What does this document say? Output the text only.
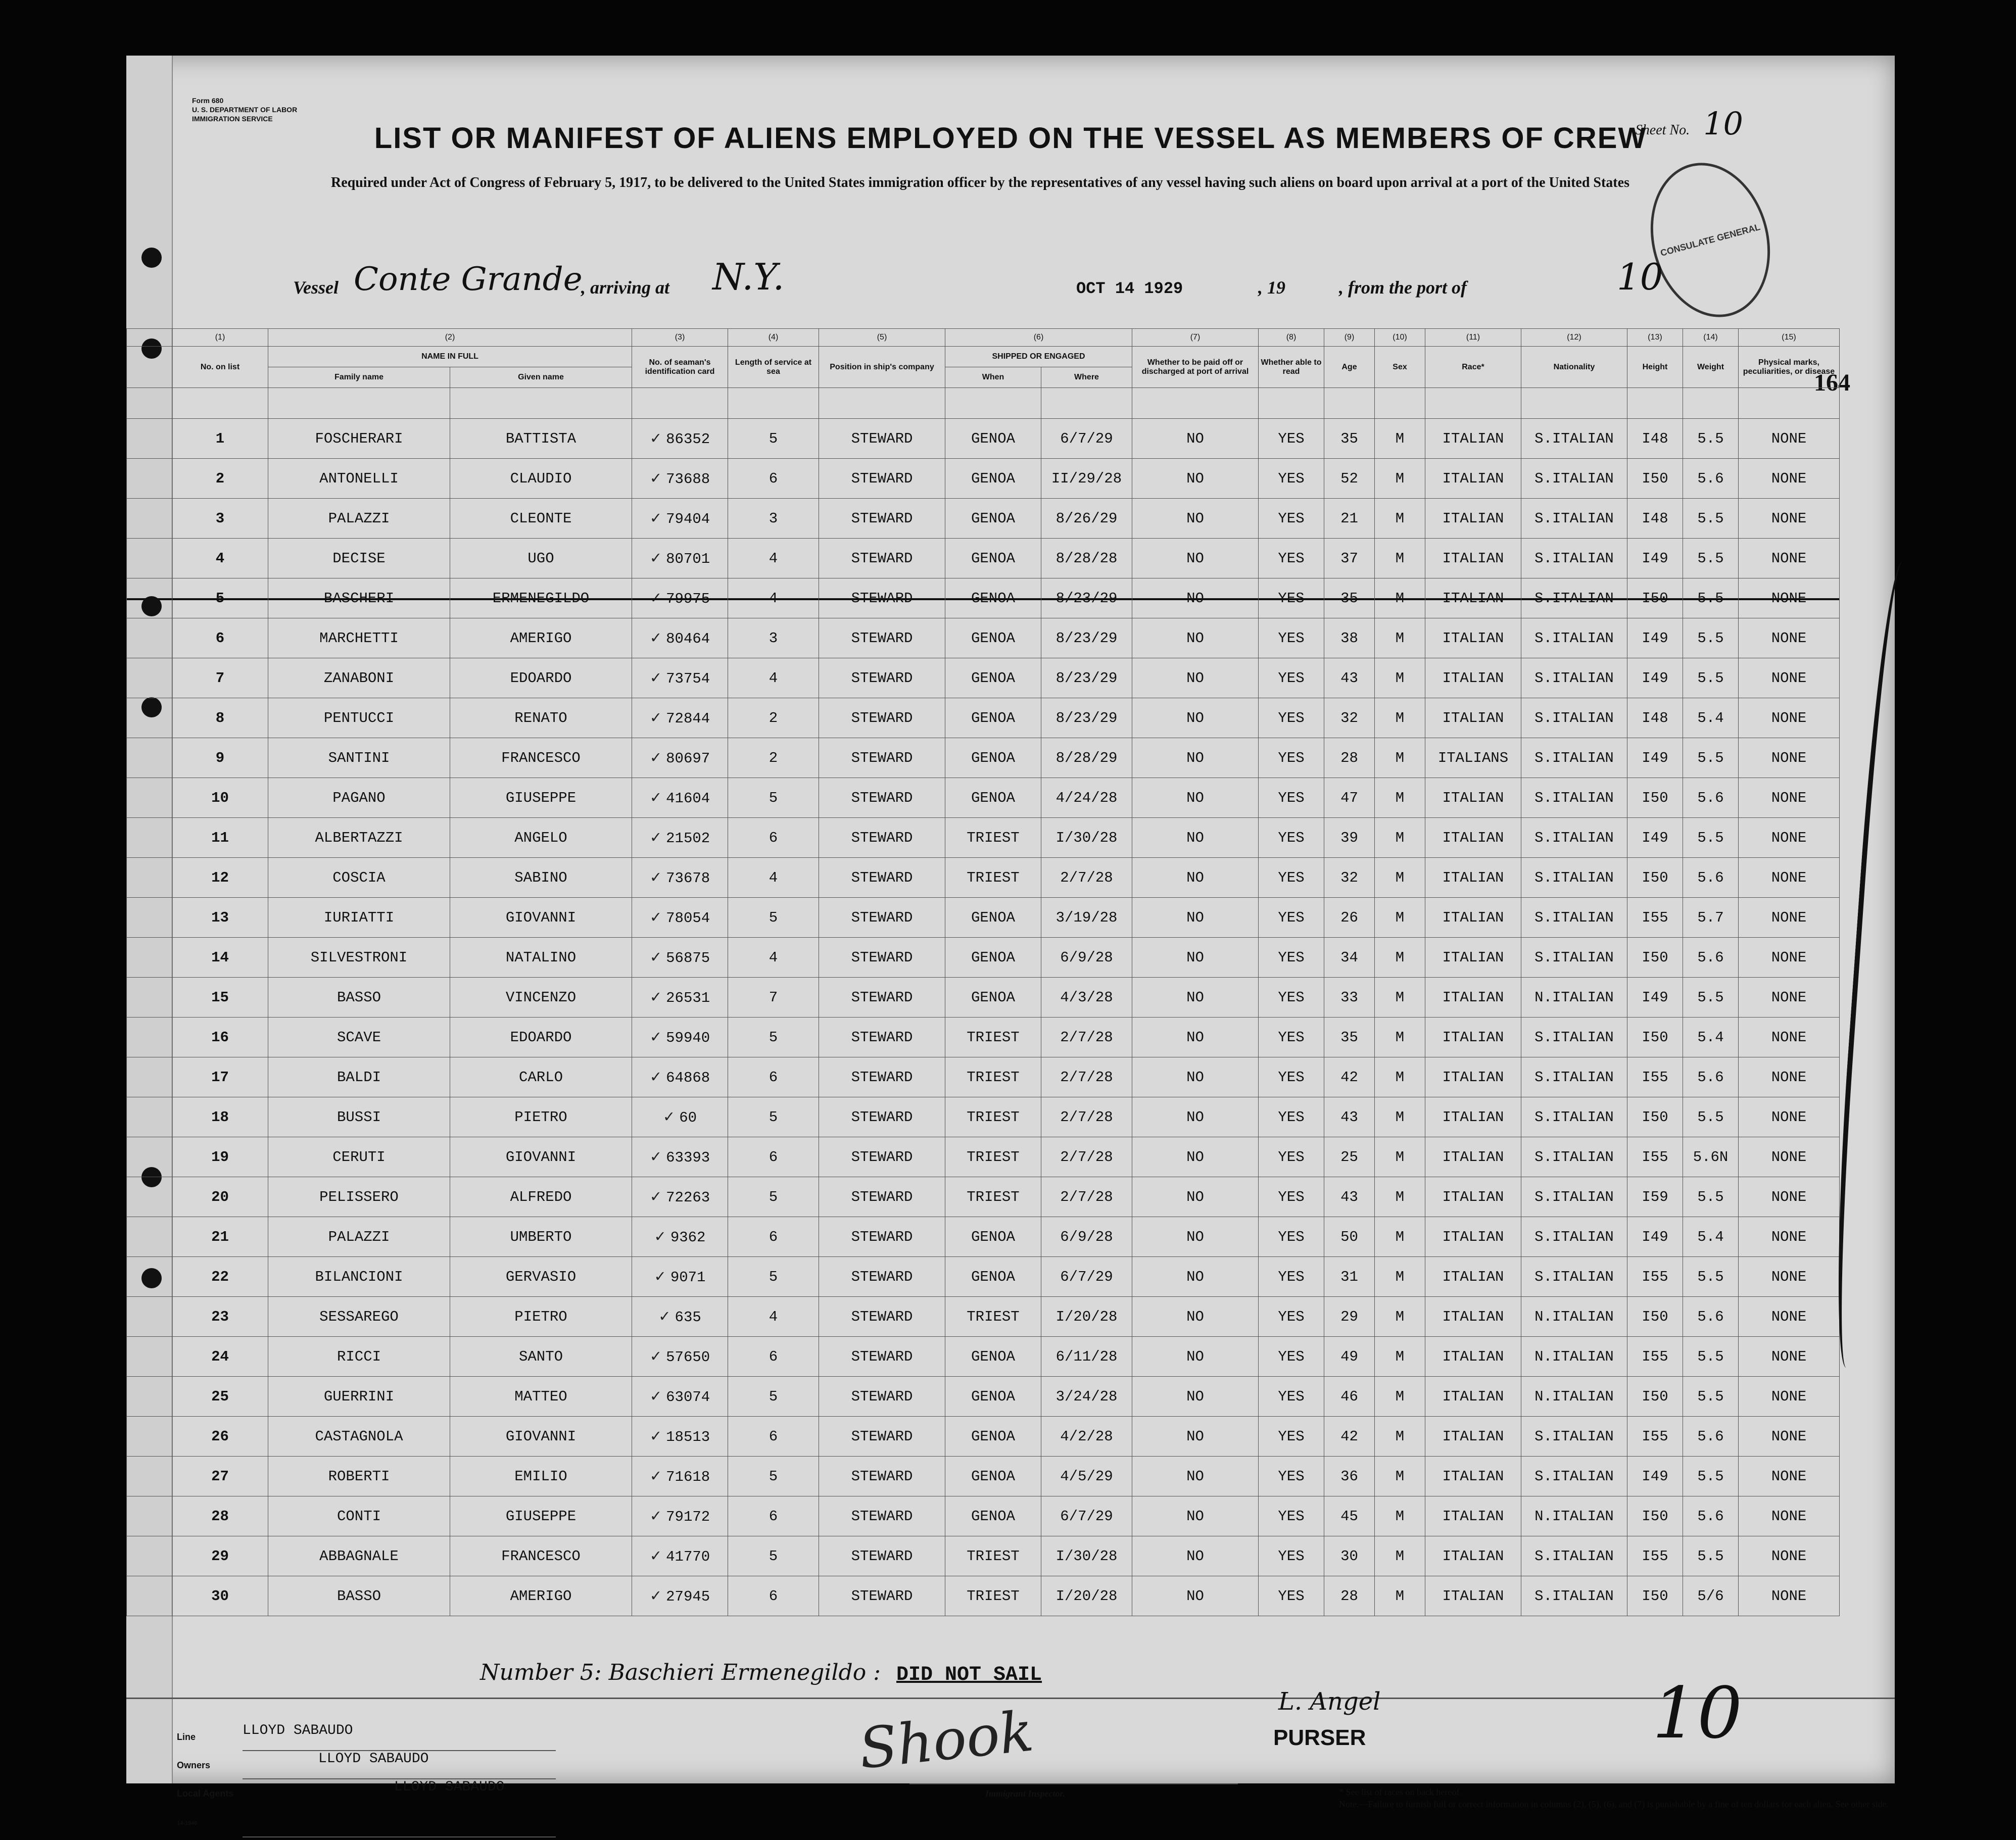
Form 680
U. S. DEPARTMENT OF LABOR
IMMIGRATION SERVICE
Sheet No. 10
LIST OR MANIFEST OF ALIENS EMPLOYED ON THE VESSEL AS MEMBERS OF CREW
Required under Act of Congress of February 5, 1917, to be delivered to the United States immigration officer by the representatives of any vessel having such aliens on board upon arrival at a port of the United States
CONSULATE GENERAL
Vessel Conte Grande
, arriving at N.Y.	OCT 14 1929	, 19	, from the port of	10
164
	(1)	(2)		(3)	(4)	(5)	(6)		(7)	(8)	(9)	(10)	(11)	(12)	(13)	(14)	(15)
	No. on list	NAME IN FULL		No. of seaman's identification card	Length of service at sea	Position in ship's company	SHIPPED OR ENGAGED		Whether to be paid off or discharged at port of arrival	Whether able to read	Age	Sex	Race*	Nationality	Height	Weight	Physical marks, peculiarities, or disease
		Family name	Given name				When	Where									

	1	FOSCHERARI	BATTISTA	✓ 86352	5	STEWARD	GENOA	6/7/29	NO	YES	35	M	ITALIAN	S.ITALIAN	I48	5.5	NONE
	2	ANTONELLI	CLAUDIO	✓ 73688	6	STEWARD	GENOA	II/29/28	NO	YES	52	M	ITALIAN	S.ITALIAN	I50	5.6	NONE
	3	PALAZZI	CLEONTE	✓ 79404	3	STEWARD	GENOA	8/26/29	NO	YES	21	M	ITALIAN	S.ITALIAN	I48	5.5	NONE
	4	DECISE	UGO	✓ 80701	4	STEWARD	GENOA	8/28/28	NO	YES	37	M	ITALIAN	S.ITALIAN	I49	5.5	NONE
	5	BASCHERI	ERMENEGILDO	✓ 79975	4	STEWARD	GENOA	8/23/29	NO	YES	35	M	ITALIAN	S.ITALIAN	I50	5.5	NONE
	6	MARCHETTI	AMERIGO	✓ 80464	3	STEWARD	GENOA	8/23/29	NO	YES	38	M	ITALIAN	S.ITALIAN	I49	5.5	NONE
	7	ZANABONI	EDOARDO	✓ 73754	4	STEWARD	GENOA	8/23/29	NO	YES	43	M	ITALIAN	S.ITALIAN	I49	5.5	NONE
	8	PENTUCCI	RENATO	✓ 72844	2	STEWARD	GENOA	8/23/29	NO	YES	32	M	ITALIAN	S.ITALIAN	I48	5.4	NONE
	9	SANTINI	FRANCESCO	✓ 80697	2	STEWARD	GENOA	8/28/29	NO	YES	28	M	ITALIANS	S.ITALIAN	I49	5.5	NONE
	10	PAGANO	GIUSEPPE	✓ 41604	5	STEWARD	GENOA	4/24/28	NO	YES	47	M	ITALIAN	S.ITALIAN	I50	5.6	NONE
	11	ALBERTAZZI	ANGELO	✓ 21502	6	STEWARD	TRIEST	I/30/28	NO	YES	39	M	ITALIAN	S.ITALIAN	I49	5.5	NONE
	12	COSCIA	SABINO	✓ 73678	4	STEWARD	TRIEST	2/7/28	NO	YES	32	M	ITALIAN	S.ITALIAN	I50	5.6	NONE
	13	IURIATTI	GIOVANNI	✓ 78054	5	STEWARD	GENOA	3/19/28	NO	YES	26	M	ITALIAN	S.ITALIAN	I55	5.7	NONE
	14	SILVESTRONI	NATALINO	✓ 56875	4	STEWARD	GENOA	6/9/28	NO	YES	34	M	ITALIAN	S.ITALIAN	I50	5.6	NONE
	15	BASSO	VINCENZO	✓ 26531	7	STEWARD	GENOA	4/3/28	NO	YES	33	M	ITALIAN	N.ITALIAN	I49	5.5	NONE
	16	SCAVE	EDOARDO	✓ 59940	5	STEWARD	TRIEST	2/7/28	NO	YES	35	M	ITALIAN	S.ITALIAN	I50	5.4	NONE
	17	BALDI	CARLO	✓ 64868	6	STEWARD	TRIEST	2/7/28	NO	YES	42	M	ITALIAN	S.ITALIAN	I55	5.6	NONE
	18	BUSSI	PIETRO	✓ 60	5	STEWARD	TRIEST	2/7/28	NO	YES	43	M	ITALIAN	S.ITALIAN	I50	5.5	NONE
	19	CERUTI	GIOVANNI	✓ 63393	6	STEWARD	TRIEST	2/7/28	NO	YES	25	M	ITALIAN	S.ITALIAN	I55	5.6N	NONE
	20	PELISSERO	ALFREDO	✓ 72263	5	STEWARD	TRIEST	2/7/28	NO	YES	43	M	ITALIAN	S.ITALIAN	I59	5.5	NONE
	21	PALAZZI	UMBERTO	✓ 9362	6	STEWARD	GENOA	6/9/28	NO	YES	50	M	ITALIAN	S.ITALIAN	I49	5.4	NONE
	22	BILANCIONI	GERVASIO	✓ 9071	5	STEWARD	GENOA	6/7/29	NO	YES	31	M	ITALIAN	S.ITALIAN	I55	5.5	NONE
	23	SESSAREGO	PIETRO	✓ 635	4	STEWARD	TRIEST	I/20/28	NO	YES	29	M	ITALIAN	N.ITALIAN	I50	5.6	NONE
	24	RICCI	SANTO	✓ 57650	6	STEWARD	GENOA	6/11/28	NO	YES	49	M	ITALIAN	N.ITALIAN	I55	5.5	NONE
	25	GUERRINI	MATTEO	✓ 63074	5	STEWARD	GENOA	3/24/28	NO	YES	46	M	ITALIAN	N.ITALIAN	I50	5.5	NONE
	26	CASTAGNOLA	GIOVANNI	✓ 18513	6	STEWARD	GENOA	4/2/28	NO	YES	42	M	ITALIAN	S.ITALIAN	I55	5.6	NONE
	27	ROBERTI	EMILIO	✓ 71618	5	STEWARD	GENOA	4/5/29	NO	YES	36	M	ITALIAN	S.ITALIAN	I49	5.5	NONE
	28	CONTI	GIUSEPPE	✓ 79172	6	STEWARD	GENOA	6/7/29	NO	YES	45	M	ITALIAN	N.ITALIAN	I50	5.6	NONE
	29	ABBAGNALE	FRANCESCO	✓ 41770	5	STEWARD	TRIEST	I/30/28	NO	YES	30	M	ITALIAN	S.ITALIAN	I55	5.5	NONE
	30	BASSO	AMERIGO	✓ 27945	6	STEWARD	TRIEST	I/20/28	NO	YES	28	M	ITALIAN	S.ITALIAN	I50	5/6	NONE
Number 5: Baschieri Ermenegildo : DID NOT SAIL
Line	LLOYD SABAUDO
Owners	LLOYD SABAUDO
Local Agents
14-1940
LLOYD SABAUDO
Shook
Immigrant Inspector.
L. Angel
PURSER	10
* See list of races on back hereof.
Note.—Failure to furnish full or correct information in columns (2), (5), (6), and (7) is punishable by a fine of ten dollars for each alien. See other side.
